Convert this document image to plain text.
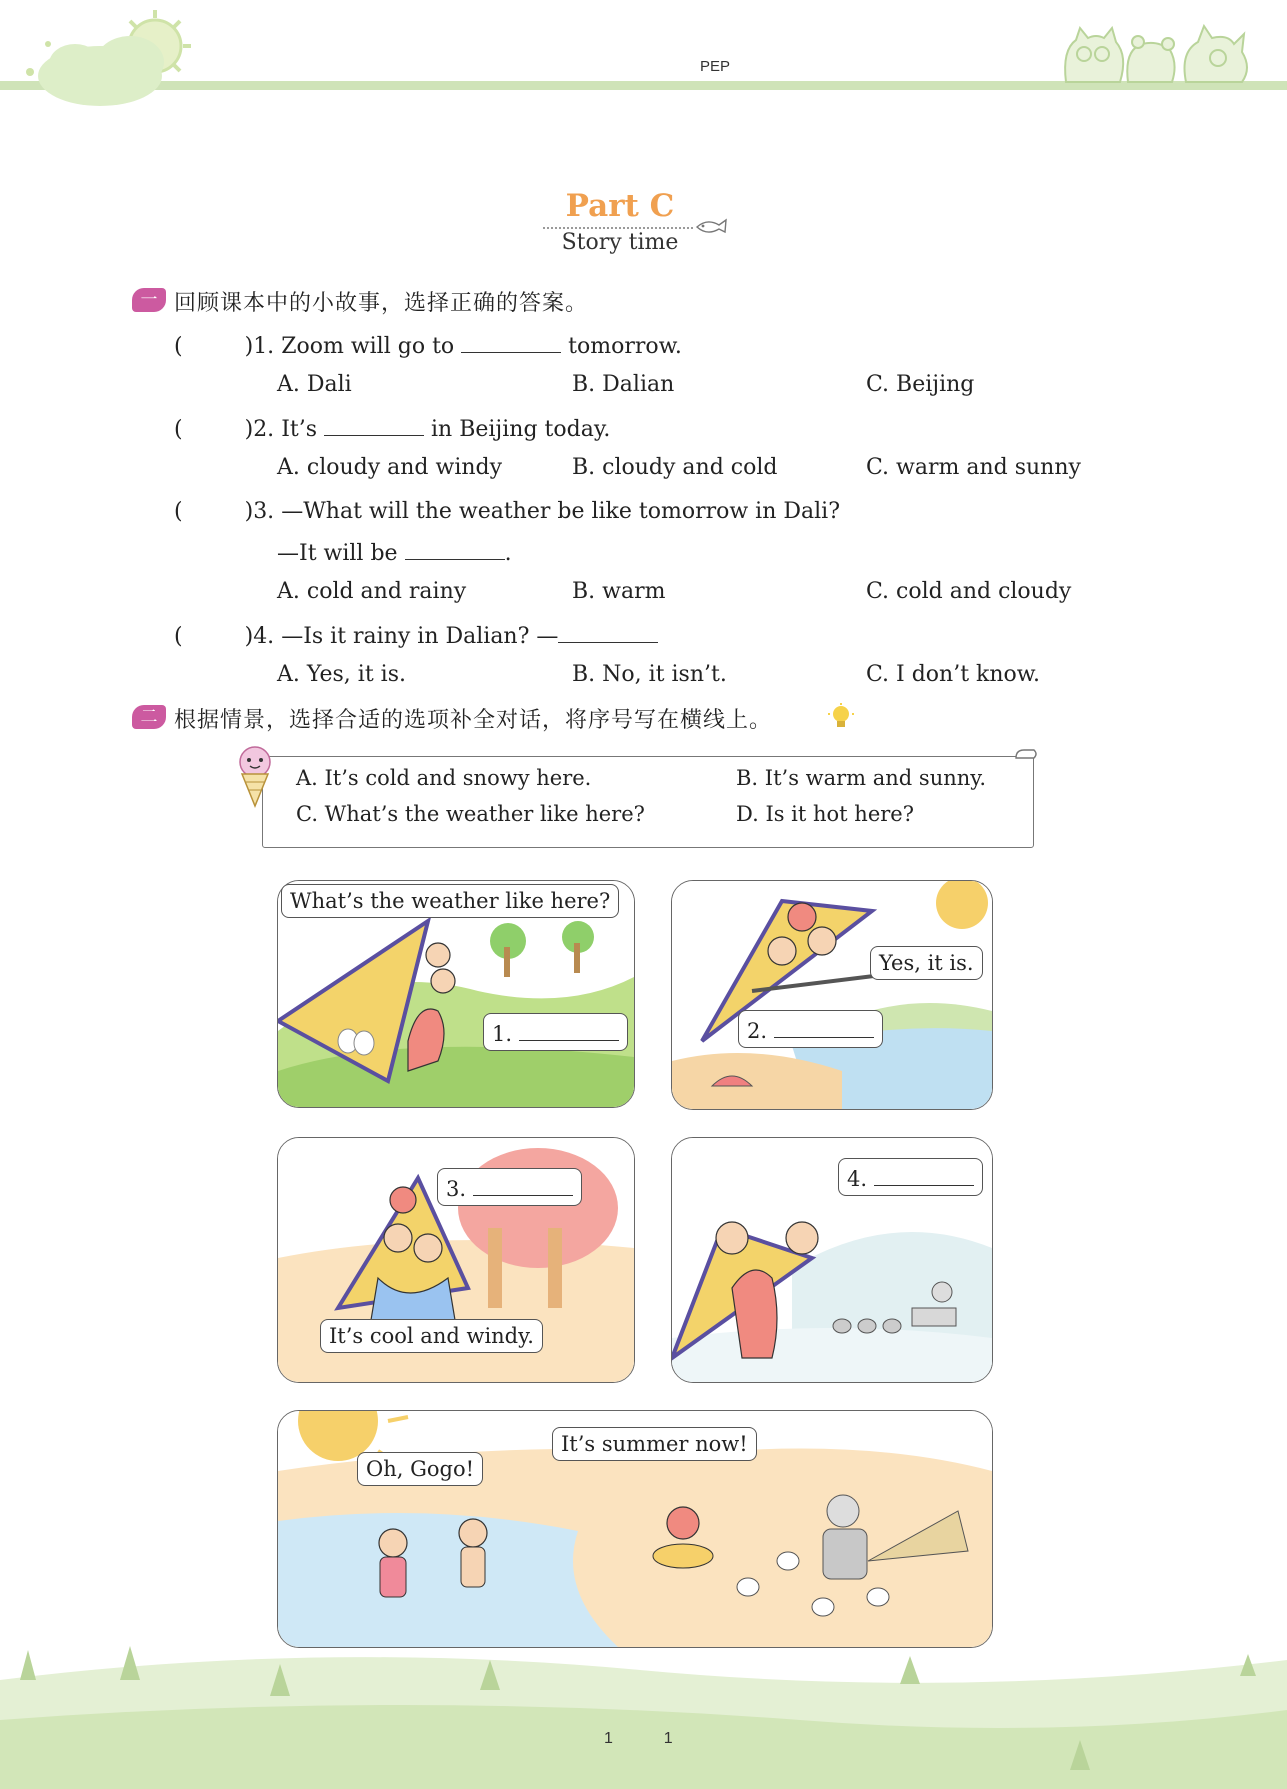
PEP
Part C
Story time
一 回顾课本中的小故事，选择正确的答案。
(	)1. Zoom will go to	tomorrow.
A. Dali	B. Dalian	C. Beijing
(	)2. It’s	in Beijing today.
A. cloudy and windy	B. cloudy and cold	C. warm and sunny
(	)3. —What will the weather be like tomorrow in Dali?
—It will be	.
A. cold and rainy	B. warm	C. cold and cloudy
(	)4. —Is it rainy in Dalian? —
A. Yes, it is.	B. No, it isn’t.	C. I don’t know.
二 根据情景，选择合适的选项补全对话，将序号写在横线上。
A. It’s cold and snowy here.	B. It’s warm and sunny.
C. What’s the weather like here?	D. Is it hot here?
What’s the weather like here?
1.
Yes, it is.
2.
3.
It’s cool and windy.
4.
Oh, Gogo!
It’s summer now!
11
